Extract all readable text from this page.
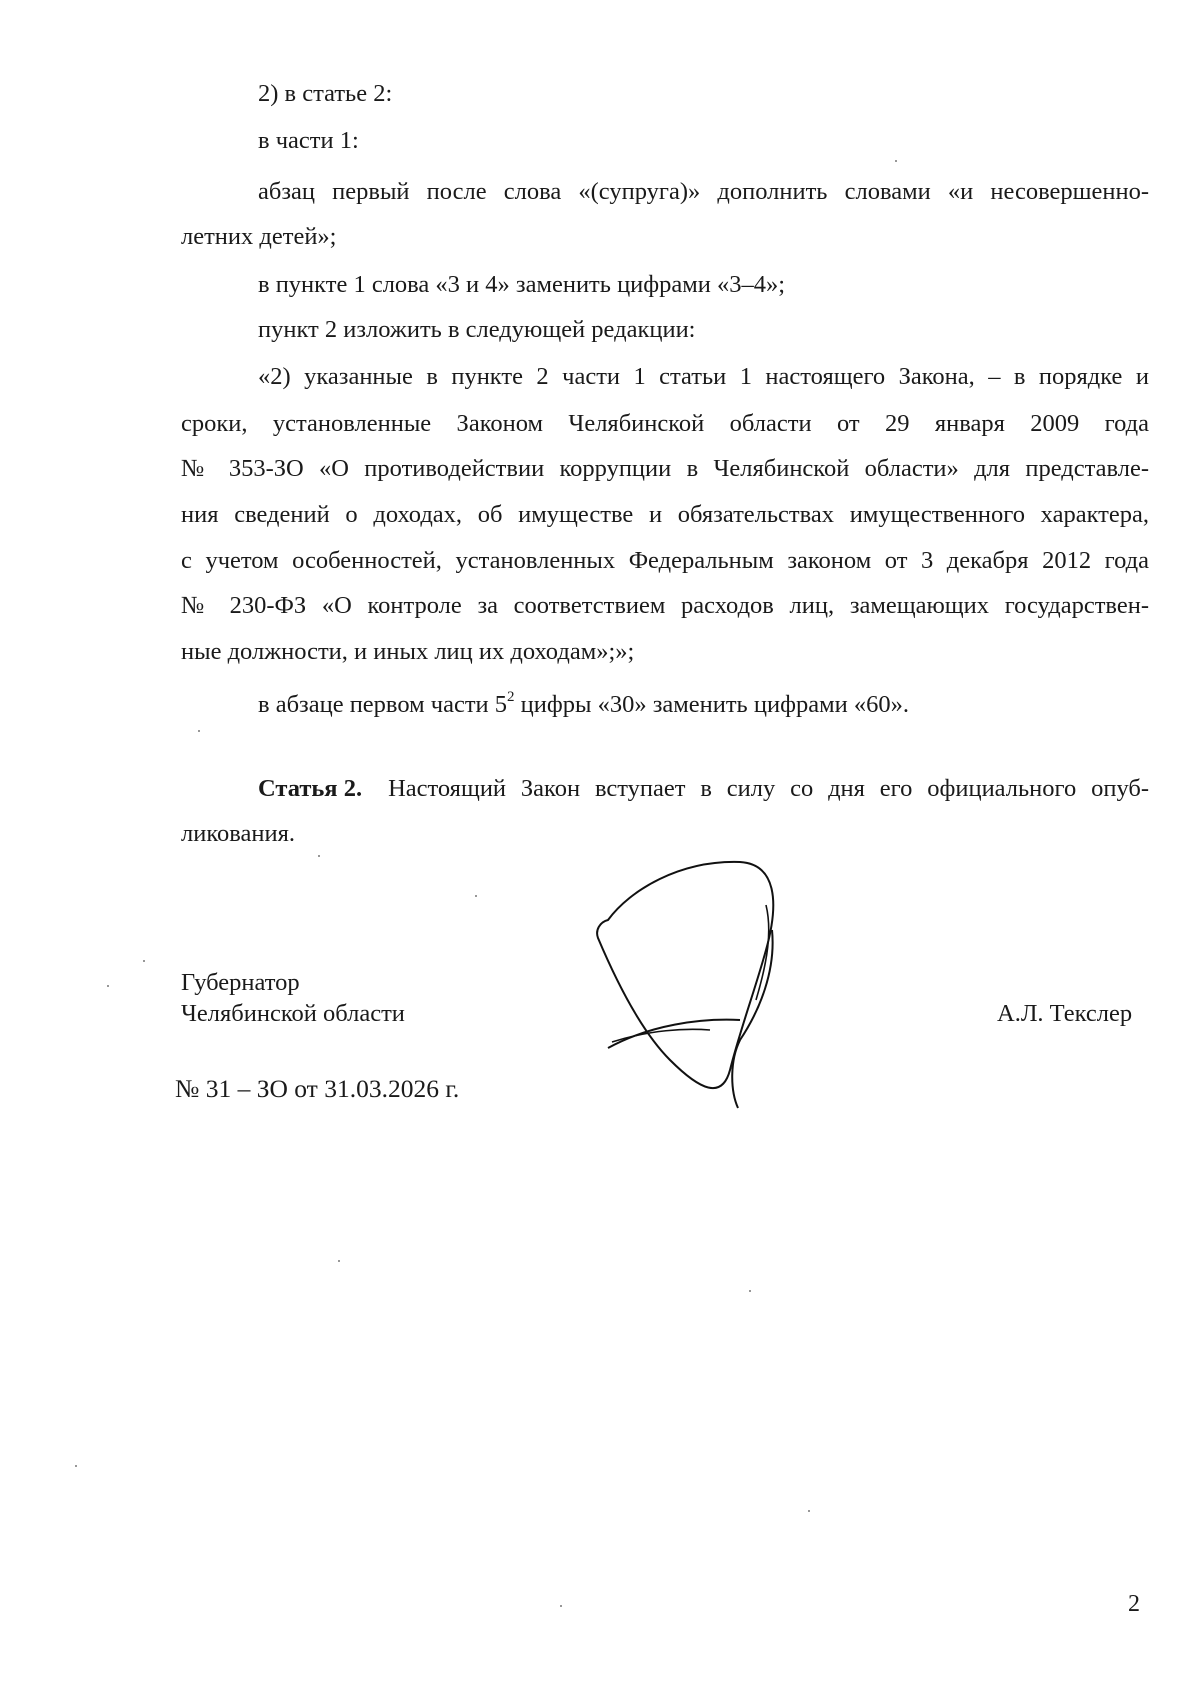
2) в статье 2:
в части 1:
абзац первый после слова «(супруга)» дополнить словами «и несовершенно-
летних детей»;
в пункте 1 слова «3 и 4» заменить цифрами «3–4»;
пункт 2 изложить в следующей редакции:
«2) указанные в пункте 2 части 1 статьи 1 настоящего Закона, – в порядке и
сроки, установленные Законом Челябинской области от 29 января 2009 года
№ 353-ЗО «О противодействии коррупции в Челябинской области» для представле-
ния сведений о доходах, об имуществе и обязательствах имущественного характера,
с учетом особенностей, установленных Федеральным законом от 3 декабря 2012 года
№ 230-ФЗ «О контроле за соответствием расходов лиц, замещающих государствен-
ные должности, и иных лиц их доходам»;»;
в абзаце первом части $5^2$ цифры «30» заменить цифрами «60».
Статья 2. Настоящий Закон вступает в силу со дня его официального опуб-
ликования.
Губернатор
Челябинской области	А.Л. Текслер
№ 31 – ЗО от 31.03.2026 г.
2
